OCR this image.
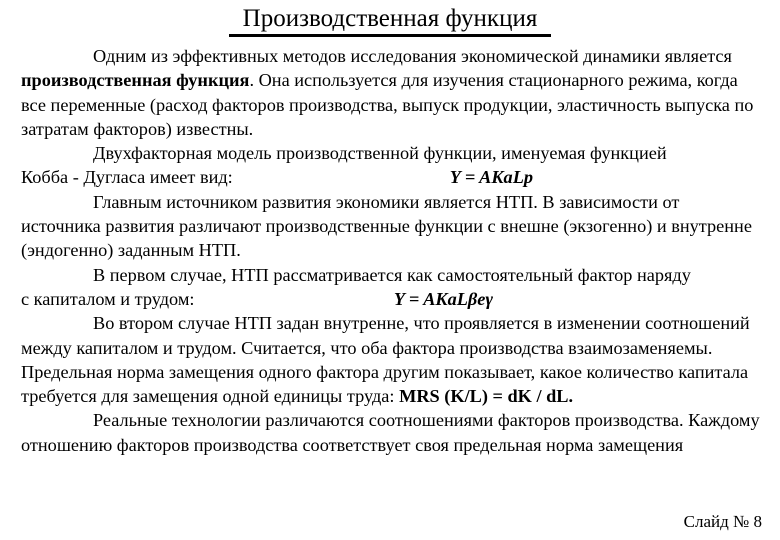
Производственная функция

Одним из эффективных методов исследования экономической динамики является производственная функция. Она используется для изучения стационарного режима, когда все переменные (расход факторов производства, выпуск продукции, эластичность выпуска по затратам факторов) известны.

Двухфакторная модель производственной функции, именуемая функцией

Кобба - Дугласа имеет вид:	Y = AKaLp

Главным источником развития экономики является НТП. В зависимости от источника развития различают производственные функции с внешне (экзогенно) и внутренне (эндогенно) заданным НТП.

В первом случае, НТП рассматривается как самостоятельный фактор наряду

с капиталом и трудом:	Y = AKaLβeγ

Во втором случае НТП задан внутренне, что проявляется в изменении соотношений между капиталом и трудом. Считается, что оба фактора производства взаимозаменяемы. Предельная норма замещения одного фактора другим показывает, какое количество капитала требуется для замещения одной единицы труда: MRS (K/L) = dK / dL.

Реальные технологии различаются соотношениями факторов производства. Каждому отношению факторов производства соответствует своя предельная норма замещения

Слайд № 8
